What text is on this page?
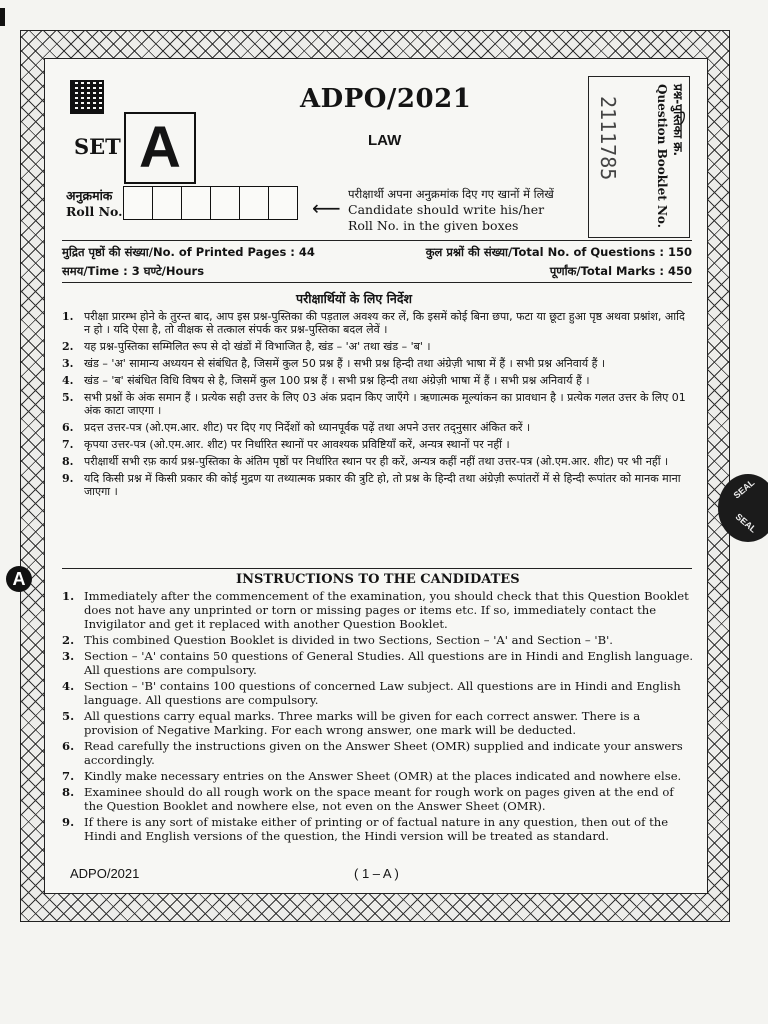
ADPO/2021
LAW
SET A
अनुक्रमांक
Roll No.	⟵
परीक्षार्थी अपना अनुक्रमांक दिए गए खानों में लिखें
Candidate should write his/her
Roll No. in the given boxes
प्रश्न-पुस्तिका क्र.
Question Booklet No.
2111785
मुद्रित पृष्ठों की संख्या/No. of Printed Pages : 44	कुल प्रश्नों की संख्या/Total No. of Questions : 150
समय/Time : 3 घण्टे/Hours	पूर्णांक/Total Marks : 450
परीक्षार्थियों के लिए निर्देश
1. परीक्षा प्रारम्भ होने के तुरन्त बाद, आप इस प्रश्न-पुस्तिका की पड़ताल अवश्य कर लें, कि इसमें कोई बिना छपा, फटा या छूटा हुआ पृष्ठ अथवा प्रश्नांश, आदि न हो । यदि ऐसा है, तो वीक्षक से तत्काल संपर्क कर प्रश्न-पुस्तिका बदल लेवें ।
2. यह प्रश्न-पुस्तिका सम्मिलित रूप से दो खंडों में विभाजित है, खंड – 'अ' तथा खंड – 'ब' ।
3. खंड – 'अ' सामान्य अध्ययन से संबंधित है, जिसमें कुल 50 प्रश्न हैं । सभी प्रश्न हिन्दी तथा अंग्रेज़ी भाषा में हैं । सभी प्रश्न अनिवार्य हैं ।
4. खंड – 'ब' संबंधित विधि विषय से है, जिसमें कुल 100 प्रश्न हैं । सभी प्रश्न हिन्दी तथा अंग्रेज़ी भाषा में हैं । सभी प्रश्न अनिवार्य हैं ।
5. सभी प्रश्नों के अंक समान हैं । प्रत्येक सही उत्तर के लिए 03 अंक प्रदान किए जाएँगे । ऋणात्मक मूल्यांकन का प्रावधान है । प्रत्येक गलत उत्तर के लिए 01 अंक काटा जाएगा ।
6. प्रदत्त उत्तर-पत्र (ओ.एम.आर. शीट) पर दिए गए निर्देशों को ध्यानपूर्वक पढ़ें तथा अपने उत्तर तद्नुसार अंकित करें ।
7. कृपया उत्तर-पत्र (ओ.एम.आर. शीट) पर निर्धारित स्थानों पर आवश्यक प्रविष्टियाँ करें, अन्यत्र स्थानों पर नहीं ।
8. परीक्षार्थी सभी रफ़ कार्य प्रश्न-पुस्तिका के अंतिम पृष्ठों पर निर्धारित स्थान पर ही करें, अन्यत्र कहीं नहीं तथा उत्तर-पत्र (ओ.एम.आर. शीट) पर भी नहीं ।
9. यदि किसी प्रश्न में किसी प्रकार की कोई मुद्रण या तथ्यात्मक प्रकार की त्रुटि हो, तो प्रश्न के हिन्दी तथा अंग्रेज़ी रूपांतरों में से हिन्दी रूपांतर को मानक माना जाएगा ।
A	INSTRUCTIONS TO THE CANDIDATES
1. Immediately after the commencement of the examination, you should check that this Question Booklet does not have any unprinted or torn or missing pages or items etc. If so, immediately contact the Invigilator and get it replaced with another Question Booklet.
2. This combined Question Booklet is divided in two Sections, Section – 'A' and Section – 'B'.
3. Section – 'A' contains 50 questions of General Studies. All questions are in Hindi and English language. All questions are compulsory.
4. Section – 'B' contains 100 questions of concerned Law subject. All questions are in Hindi and English language. All questions are compulsory.
5. All questions carry equal marks. Three marks will be given for each correct answer. There is a provision of Negative Marking. For each wrong answer, one mark will be deducted.
6. Read carefully the instructions given on the Answer Sheet (OMR) supplied and indicate your answers accordingly.
7. Kindly make necessary entries on the Answer Sheet (OMR) at the places indicated and nowhere else.
8. Examinee should do all rough work on the space meant for rough work on pages given at the end of the Question Booklet and nowhere else, not even on the Answer Sheet (OMR).
9. If there is any sort of mistake either of printing or of factual nature in any question, then out of the Hindi and English versions of the question, the Hindi version will be treated as standard.
SEAL
SEAL
ADPO/2021	( 1 – A )
